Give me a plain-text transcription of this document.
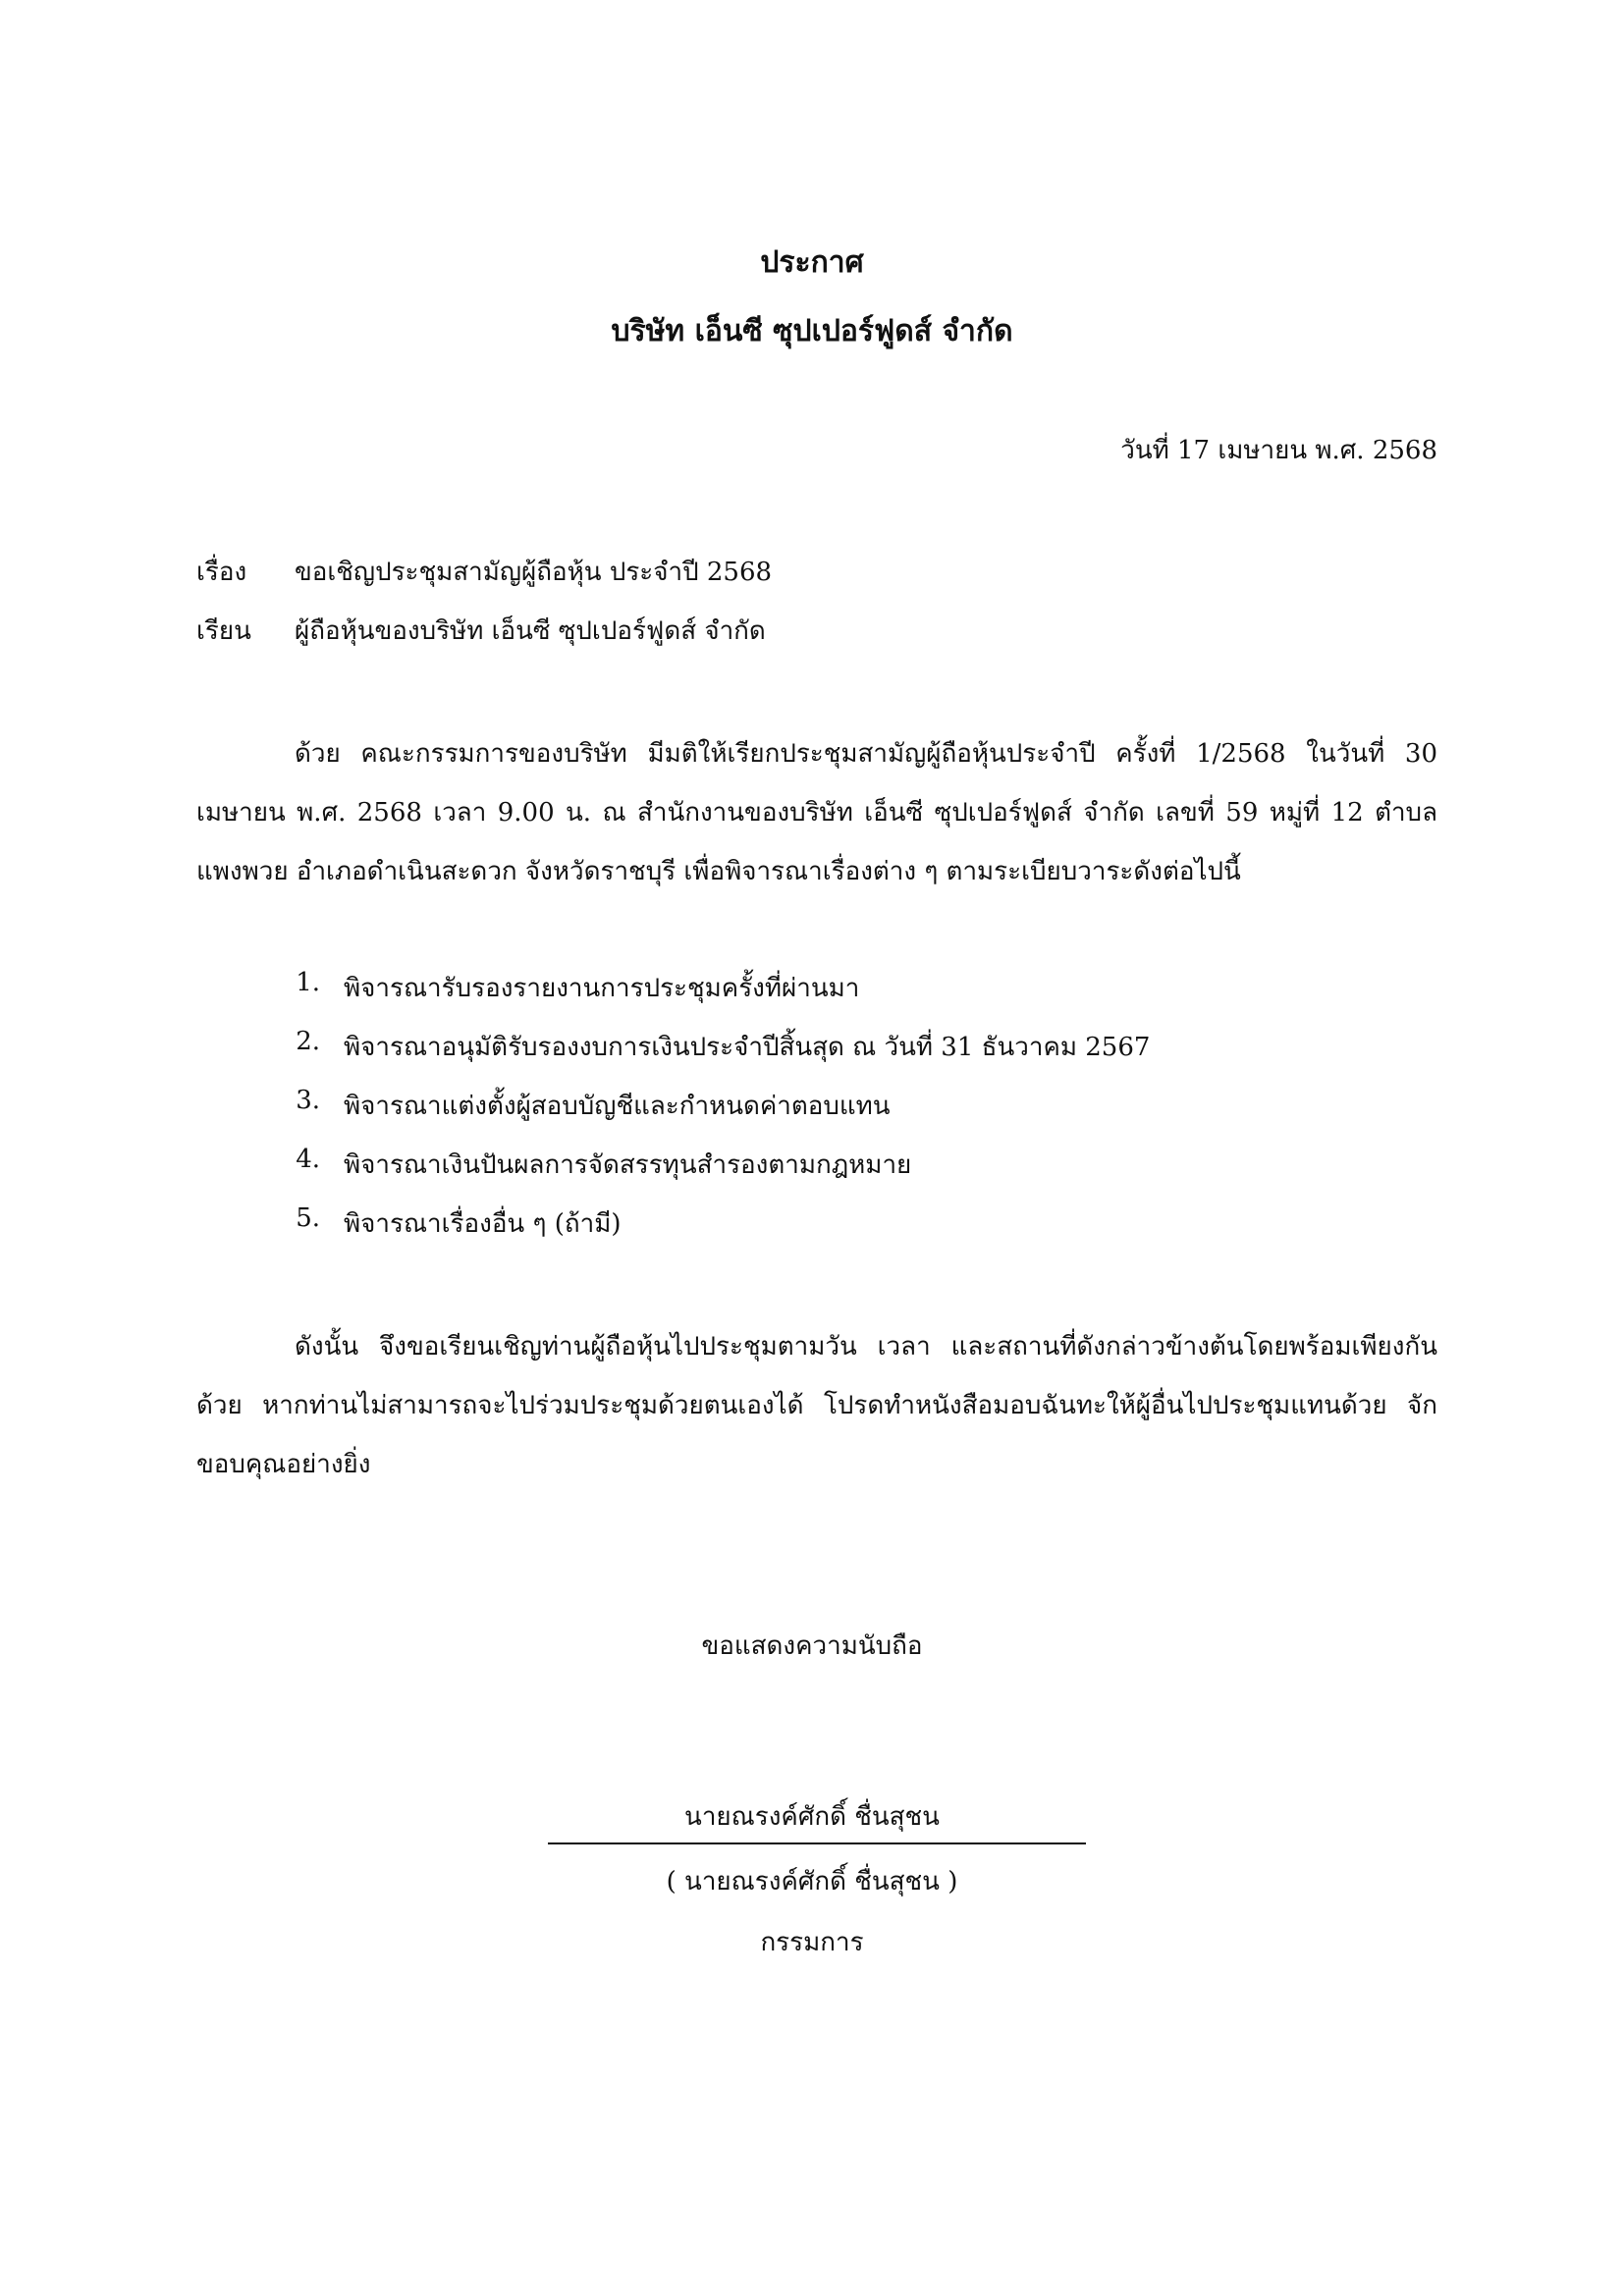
ประกาศ
บริษัท เอ็นซี ซุปเปอร์ฟูดส์ จำกัด
วันที่ 17 เมษายน พ.ศ. 2568
เรื่อง ขอเชิญประชุมสามัญผู้ถือหุ้น ประจำปี 2568
เรียน ผู้ถือหุ้นของบริษัท เอ็นซี ซุปเปอร์ฟูดส์ จำกัด

ด้วย คณะกรรมการของบริษัท มีมติให้เรียกประชุมสามัญผู้ถือหุ้นประจำปี ครั้งที่ 1/2568 ในวันที่ 30 เมษายน พ.ศ. 2568 เวลา 9.00 น. ณ สำนักงานของบริษัท เอ็นซี ซุปเปอร์ฟูดส์ จำกัด เลขที่ 59 หมู่ที่ 12 ตำบลแพงพวย อำเภอดำเนินสะดวก จังหวัดราชบุรี เพื่อพิจารณาเรื่องต่าง ๆ ตามระเบียบวาระดังต่อไปนี้

1. พิจารณารับรองรายงานการประชุมครั้งที่ผ่านมา
2. พิจารณาอนุมัติรับรองงบการเงินประจำปีสิ้นสุด ณ วันที่ 31 ธันวาคม 2567
3. พิจารณาแต่งตั้งผู้สอบบัญชีและกำหนดค่าตอบแทน
4. พิจารณาเงินปันผลการจัดสรรทุนสำรองตามกฎหมาย
5. พิจารณาเรื่องอื่น ๆ (ถ้ามี)

ดังนั้น จึงขอเรียนเชิญท่านผู้ถือหุ้นไปประชุมตามวัน เวลา และสถานที่ดังกล่าวข้างต้นโดยพร้อมเพียงกันด้วย หากท่านไม่สามารถจะไปร่วมประชุมด้วยตนเองได้ โปรดทำหนังสือมอบฉันทะให้ผู้อื่นไปประชุมแทนด้วย จักขอบคุณอย่างยิ่ง

ขอแสดงความนับถือ
นายณรงค์ศักดิ์ ชื่นสุชน
( นายณรงค์ศักดิ์ ชื่นสุชน )
กรรมการ
